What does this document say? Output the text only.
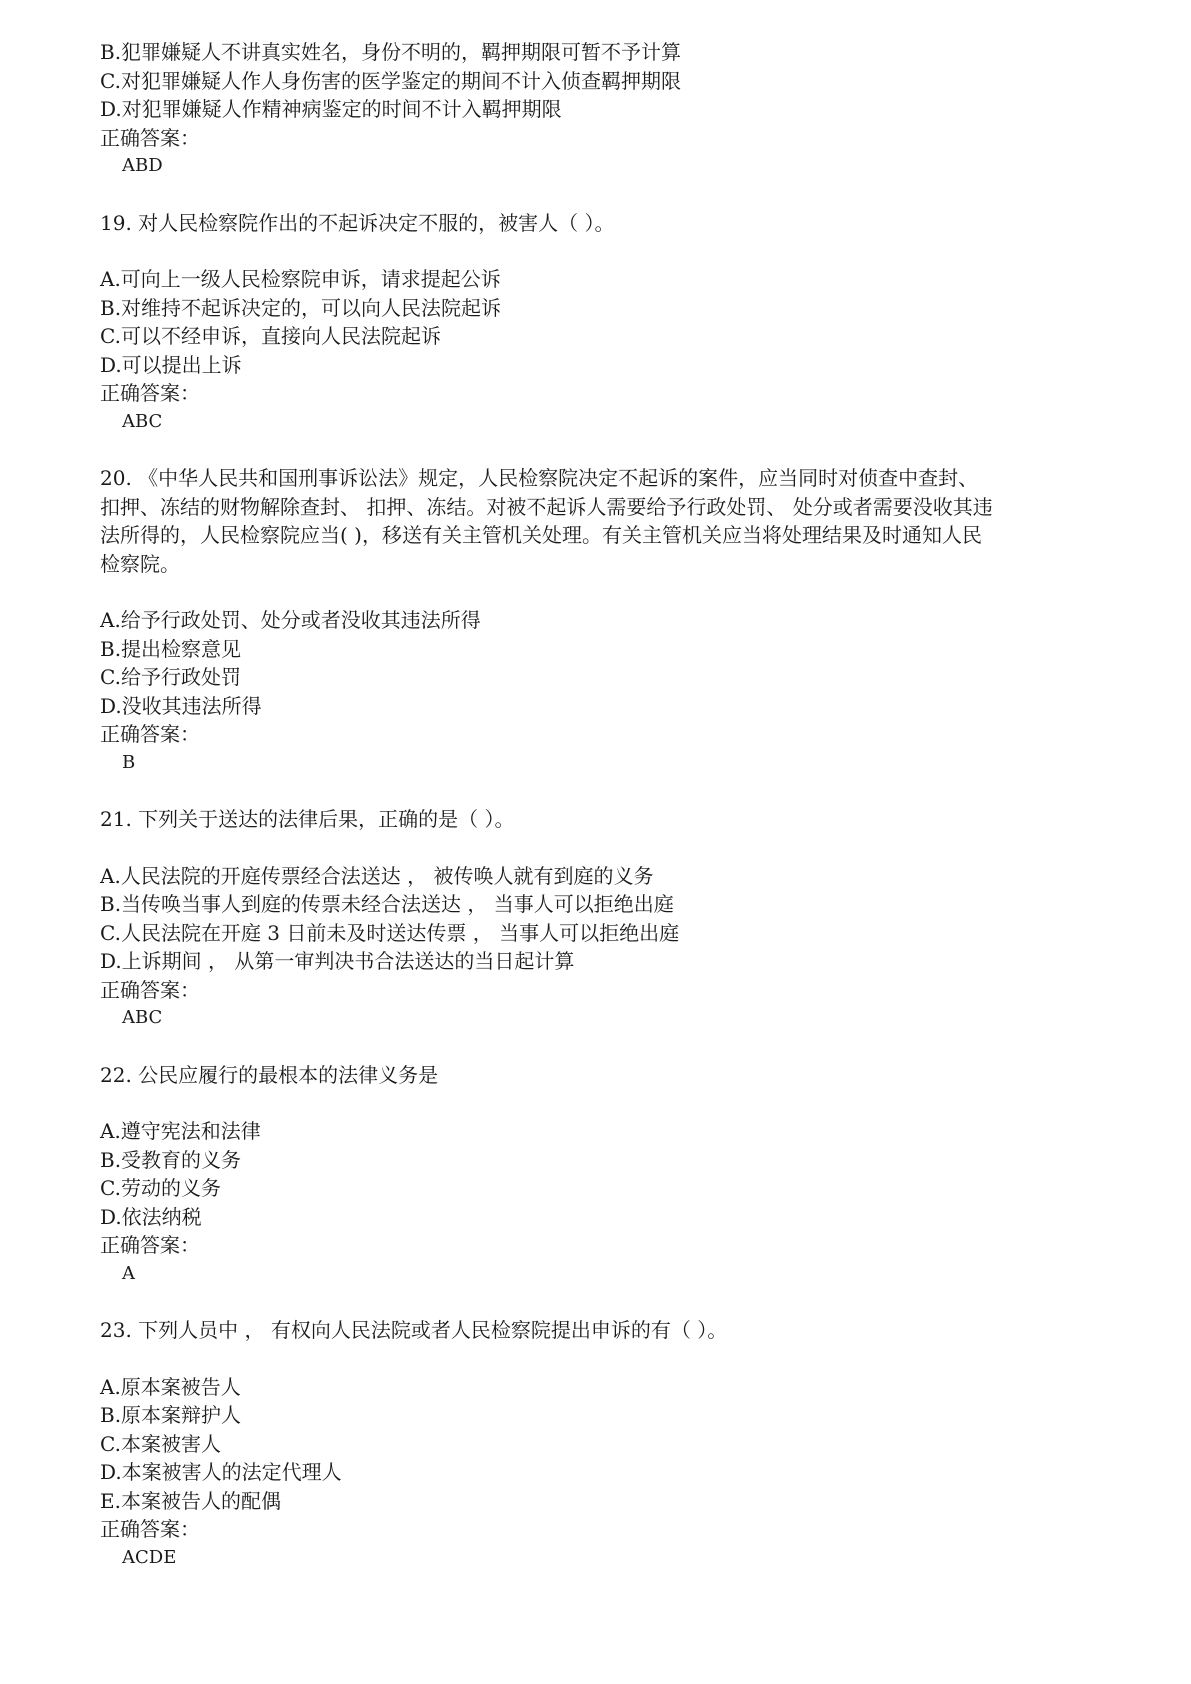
B.犯罪嫌疑人不讲真实姓名，身份不明的，羁押期限可暂不予计算

C.对犯罪嫌疑人作人身伤害的医学鉴定的期间不计入侦查羁押期限

D.对犯罪嫌疑人作精神病鉴定的时间不计入羁押期限

正确答案：

ABD

19. 对人民检察院作出的不起诉决定不服的，被害人（ ）。

A.可向上一级人民检察院申诉，请求提起公诉

B.对维持不起诉决定的，可以向人民法院起诉

C.可以不经申诉，直接向人民法院起诉

D.可以提出上诉

正确答案：

ABC

20. 《中华人民共和国刑事诉讼法》规定，人民检察院决定不起诉的案件，应当同时对侦查中查封、

扣押、冻结的财物解除查封、 扣押、冻结。对被不起诉人需要给予行政处罚、 处分或者需要没收其违

法所得的，人民检察院应当( )，移送有关主管机关处理。有关主管机关应当将处理结果及时通知人民

检察院。

A.给予行政处罚、处分或者没收其违法所得

B.提出检察意见

C.给予行政处罚

D.没收其违法所得

正确答案：

B

21. 下列关于送达的法律后果，正确的是（ ）。

A.人民法院的开庭传票经合法送达 ， 被传唤人就有到庭的义务

B.当传唤当事人到庭的传票未经合法送达 ， 当事人可以拒绝出庭

C.人民法院在开庭 3 日前未及时送达传票 ， 当事人可以拒绝出庭

D.上诉期间 ， 从第一审判决书合法送达的当日起计算

正确答案：

ABC

22. 公民应履行的最根本的法律义务是

A.遵守宪法和法律

B.受教育的义务

C.劳动的义务

D.依法纳税

正确答案：

A

23. 下列人员中 ， 有权向人民法院或者人民检察院提出申诉的有（ ）。

A.原本案被告人

B.原本案辩护人

C.本案被害人

D.本案被害人的法定代理人

E.本案被告人的配偶

正确答案：

ACDE
